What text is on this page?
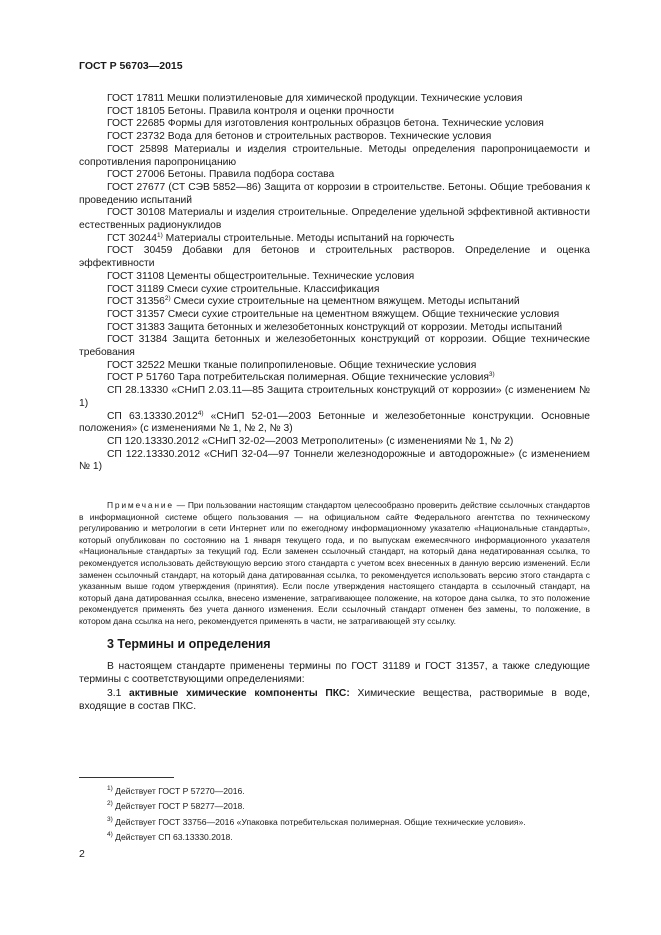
ГОСТ Р 56703—2015

ГОСТ 17811 Мешки полиэтиленовые для химической продукции. Технические условия

ГОСТ 18105 Бетоны. Правила контроля и оценки прочности

ГОСТ 22685 Формы для изготовления контрольных образцов бетона. Технические условия

ГОСТ 23732 Вода для бетонов и строительных растворов. Технические условия

ГОСТ 25898 Материалы и изделия строительные. Методы определения паропроницаемости и сопротивления паропроницанию

ГОСТ 27006 Бетоны. Правила подбора состава

ГОСТ 27677 (СТ СЭВ 5852—86) Защита от коррозии в строительстве. Бетоны. Общие требования к проведению испытаний

ГОСТ 30108 Материалы и изделия строительные. Определение удельной эффективной активности естественных радионуклидов

ГСТ 30244$^{1)}$ Материалы строительные. Методы испытаний на горючесть

ГОСТ 30459 Добавки для бетонов и строительных растворов. Определение и оценка эффективности

ГОСТ 31108 Цементы общестроительные. Технические условия

ГОСТ 31189 Смеси сухие строительные. Классификация

ГОСТ 31356$^{2)}$ Смеси сухие строительные на цементном вяжущем. Методы испытаний

ГОСТ 31357 Смеси сухие строительные на цементном вяжущем. Общие технические условия

ГОСТ 31383 Защита бетонных и железобетонных конструкций от коррозии. Методы испытаний

ГОСТ 31384 Защита бетонных и железобетонных конструкций от коррозии. Общие технические требования

ГОСТ 32522 Мешки тканые полипропиленовые. Общие технические условия

ГОСТ Р 51760 Тара потребительская полимерная. Общие технические условия$^{3)}$

СП 28.13330 «СНиП 2.03.11—85 Защита строительных конструкций от коррозии» (с изменением № 1)

СП 63.13330.2012$^{4)}$ «СНиП 52-01—2003 Бетонные и железобетонные конструкции. Основные положения» (с изменениями № 1, № 2, № 3)

СП 120.13330.2012 «СНиП 32-02—2003 Метрополитены» (с изменениями № 1, № 2)

СП 122.13330.2012 «СНиП 32-04—97 Тоннели железнодорожные и автодорожные» (с изменением № 1)

Примечание — При пользовании настоящим стандартом целесообразно проверить действие ссылочных стандартов в информационной системе общего пользования — на официальном сайте Федерального агентства по техническому регулированию и метрологии в сети Интернет или по ежегодному информационному указателю «Национальные стандарты», который опубликован по состоянию на 1 января текущего года, и по выпускам ежемесячного информационного указателя «Национальные стандарты» за текущий год. Если заменен ссылочный стандарт, на который дана недатированная ссылка, то рекомендуется использовать действующую версию этого стандарта с учетом всех внесенных в данную версию изменений. Если заменен ссылочный стандарт, на который дана датированная ссылка, то рекомендуется использовать версию этого стандарта с указанным выше годом утверждения (принятия). Если после утверждения настоящего стандарта в ссылочный стандарт, на который дана датированная ссылка, внесено изменение, затрагивающее положение, на которое дана сылка, то это положение рекомендуется применять без учета данного изменения. Если ссылочный стандарт отменен без замены, то положение, в котором дана ссылка на него, рекомендуется применять в части, не затрагивающей эту ссылку.

3 Термины и определения

В настоящем стандарте применены термины по ГОСТ 31189 и ГОСТ 31357, а также следующие термины с соответствующими определениями:

3.1 активные химические компоненты ПКС: Химические вещества, растворимые в воде, входящие в состав ПКС.

$^{1)}$ Действует ГОСТ Р 57270—2016.

$^{2)}$ Действует ГОСТ Р 58277—2018.

$^{3)}$ Действует ГОСТ 33756—2016 «Упаковка потребительская полимерная. Общие технические условия».

$^{4)}$ Действует СП 63.13330.2018.

2
